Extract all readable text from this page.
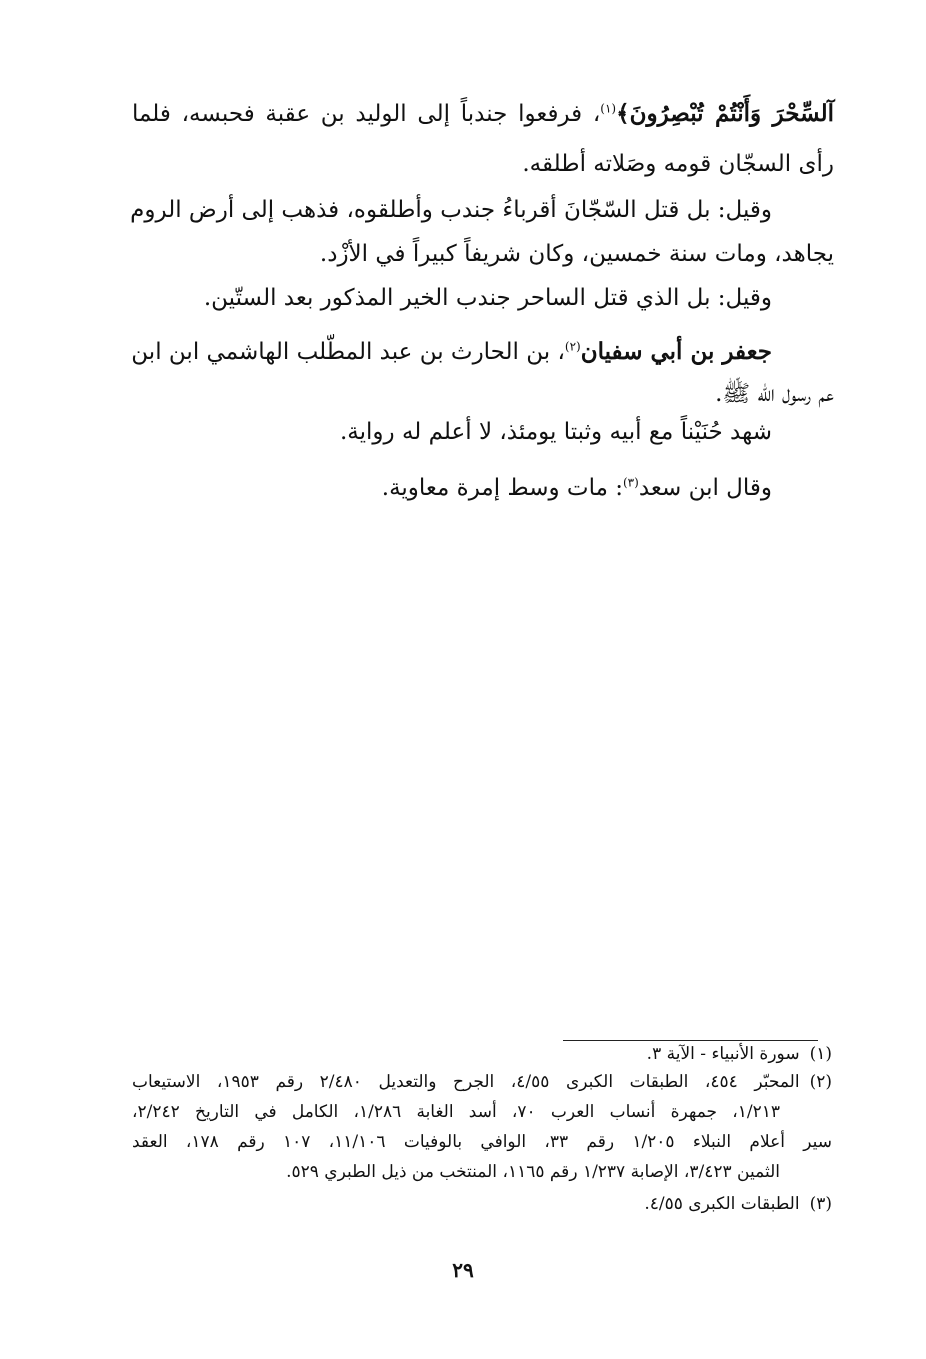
آلسِّحْرَ وَأَنْتُمْ تُبْصِرُونَ﴾$^{(١)}$، فرفعوا جندباً إلى الوليد بن عقبة فحبسه، فلما
رأى السجّان قومه وصَلاته أطلقه.
وقيل: بل قتل السّجّانَ أقرباءُ جندب وأطلقوه، فذهب إلى أرض الروم
يجاهد، ومات سنة خمسين، وكان شريفاً كبيراً في الأزْد.
وقيل: بل الذي قتل الساحر جندب الخير المذكور بعد الستّين.
جعفر بن أبي سفيان$^{(٢)}$، بن الحارث بن عبد المطّلب الهاشمي ابن ابن
عم رسول الله ﷺ.
شهد حُنَيْناً مع أبيه وثبتا يومئذ، لا أعلم له رواية.
وقال ابن سعد$^{(٣)}$: مات وسط إمرة معاوية.
(١)سورة الأنبياء - الآية ٣.
(٢)المحبّر ٤٥٤، الطبقات الكبرى ٤/٥٥، الجرح والتعديل ٢/٤٨٠ رقم ١٩٥٣، الاستيعاب
١/٢١٣، جمهرة أنساب العرب ٧٠، أسد الغابة ١/٢٨٦، الكامل في التاريخ ٢/٢٤٢،
سير أعلام النبلاء ١/٢٠٥ رقم ٣٣، الوافي بالوفيات ١١/١٠٦، ١٠٧ رقم ١٧٨، العقد
الثمين ٣/٤٢٣، الإصابة ١/٢٣٧ رقم ١١٦٥، المنتخب من ذيل الطبري ٥٢٩.
(٣)الطبقات الكبرى ٤/٥٥.
٢٩
